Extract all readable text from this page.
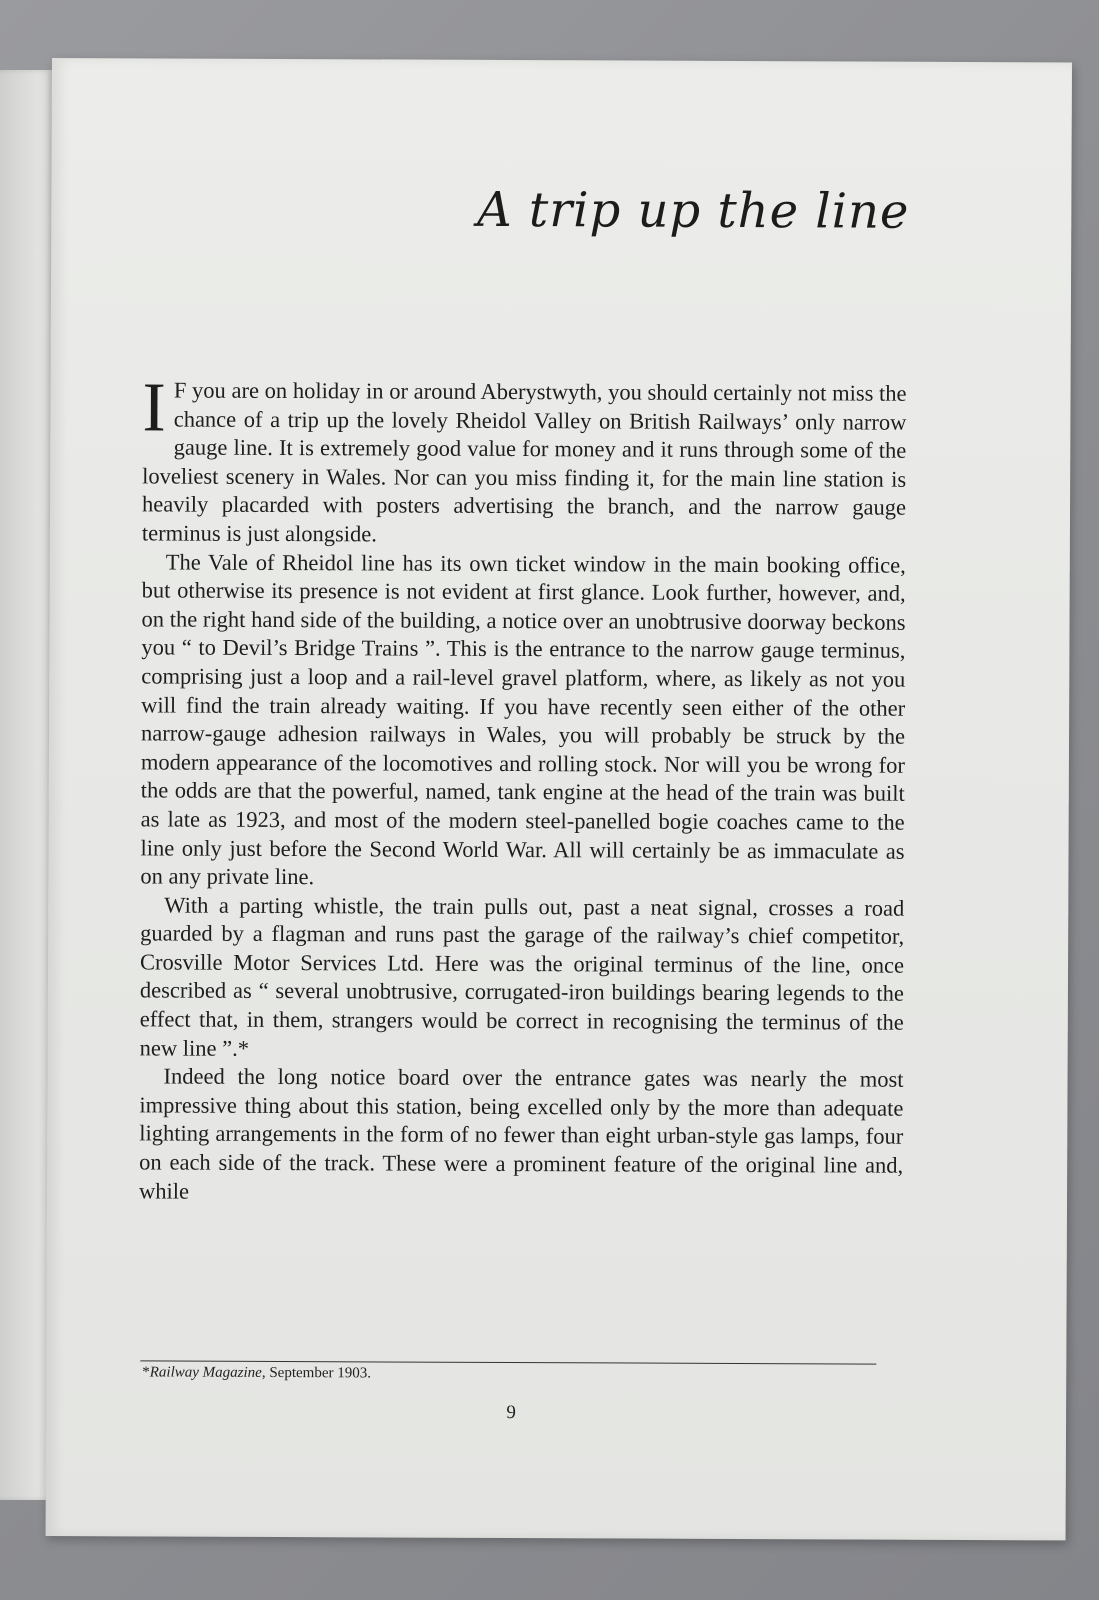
A trip up the line

I F you are on holiday in or around Aberystwyth, you should certainly not miss the chance of a trip up the lovely Rheidol Valley on British Railways’ only narrow gauge line. It is extremely good value for money and it runs through some of the loveliest scenery in Wales. Nor can you miss finding it, for the main line station is heavily placarded with posters advertising the branch, and the narrow gauge terminus is just alongside.

The Vale of Rheidol line has its own ticket window in the main booking office, but otherwise its presence is not evident at first glance. Look further, however, and, on the right hand side of the building, a notice over an unobtrusive doorway beckons you “ to Devil’s Bridge Trains ”. This is the entrance to the narrow gauge terminus, comprising just a loop and a rail-level gravel platform, where, as likely as not you will find the train already waiting. If you have recently seen either of the other narrow-gauge adhesion railways in Wales, you will probably be struck by the modern appearance of the locomotives and rolling stock. Nor will you be wrong for the odds are that the powerful, named, tank engine at the head of the train was built as late as 1923, and most of the modern steel-panelled bogie coaches came to the line only just before the Second World War. All will certainly be as immaculate as on any private line.

With a parting whistle, the train pulls out, past a neat signal, crosses a road guarded by a flagman and runs past the garage of the railway’s chief competitor, Crosville Motor Services Ltd. Here was the original terminus of the line, once described as “ several unobtrusive, corrugated-iron buildings bearing legends to the effect that, in them, strangers would be correct in recognising the terminus of the new line ”.*

Indeed the long notice board over the entrance gates was nearly the most impressive thing about this station, being excelled only by the more than adequate lighting arrangements in the form of no fewer than eight urban-style gas lamps, four on each side of the track. These were a prominent feature of the original line and, while

*Railway Magazine, September 1903.

9
